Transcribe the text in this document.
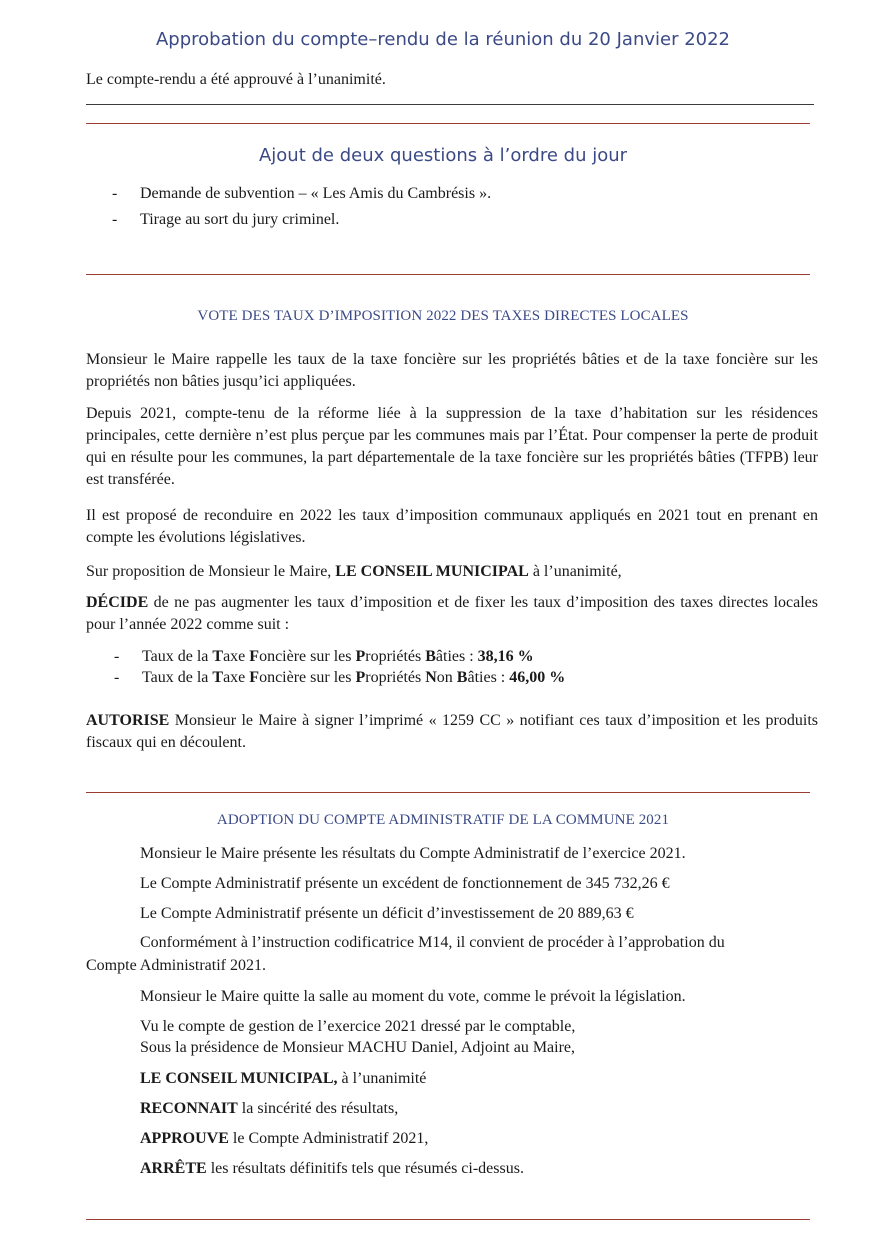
Approbation du compte–rendu de la réunion du 20 Janvier 2022
Le compte-rendu a été approuvé à l’unanimité.
Ajout de deux questions à l’ordre du jour
- Demande de subvention – « Les Amis du Cambrésis ».
- Tirage au sort du jury criminel.
VOTE DES TAUX D’IMPOSITION 2022 DES TAXES DIRECTES LOCALES
Monsieur le Maire rappelle les taux de la taxe foncière sur les propriétés bâties et de la taxe foncière sur les propriétés non bâties jusqu’ici appliquées.
Depuis 2021, compte-tenu de la réforme liée à la suppression de la taxe d’habitation sur les résidences principales, cette dernière n’est plus perçue par les communes mais par l’État. Pour compenser la perte de produit qui en résulte pour les communes, la part départementale de la taxe foncière sur les propriétés bâties (TFPB) leur est transférée.
Il est proposé de reconduire en 2022 les taux d’imposition communaux appliqués en 2021 tout en prenant en compte les évolutions législatives.
Sur proposition de Monsieur le Maire, LE CONSEIL MUNICIPAL à l’unanimité,
DÉCIDE de ne pas augmenter les taux d’imposition et de fixer les taux d’imposition des taxes directes locales pour l’année 2022 comme suit :
- Taux de la Taxe Foncière sur les Propriétés Bâties : 38,16 %
- Taux de la Taxe Foncière sur les Propriétés Non Bâties : 46,00 %
AUTORISE Monsieur le Maire à signer l’imprimé « 1259 CC » notifiant ces taux d’imposition et les produits fiscaux qui en découlent.
ADOPTION DU COMPTE ADMINISTRATIF DE LA COMMUNE 2021
Monsieur le Maire présente les résultats du Compte Administratif de l’exercice 2021.
Le Compte Administratif présente un excédent de fonctionnement de 345 732,26 €
Le Compte Administratif présente un déficit d’investissement de 20 889,63 €
Conformément à l’instruction codificatrice M14, il convient de procéder à l’approbation du
Compte Administratif 2021.
Monsieur le Maire quitte la salle au moment du vote, comme le prévoit la législation.
Vu le compte de gestion de l’exercice 2021 dressé par le comptable,
Sous la présidence de Monsieur MACHU Daniel, Adjoint au Maire,
LE CONSEIL MUNICIPAL, à l’unanimité
RECONNAIT la sincérité des résultats,
APPROUVE le Compte Administratif 2021,
ARRÊTE les résultats définitifs tels que résumés ci-dessus.
